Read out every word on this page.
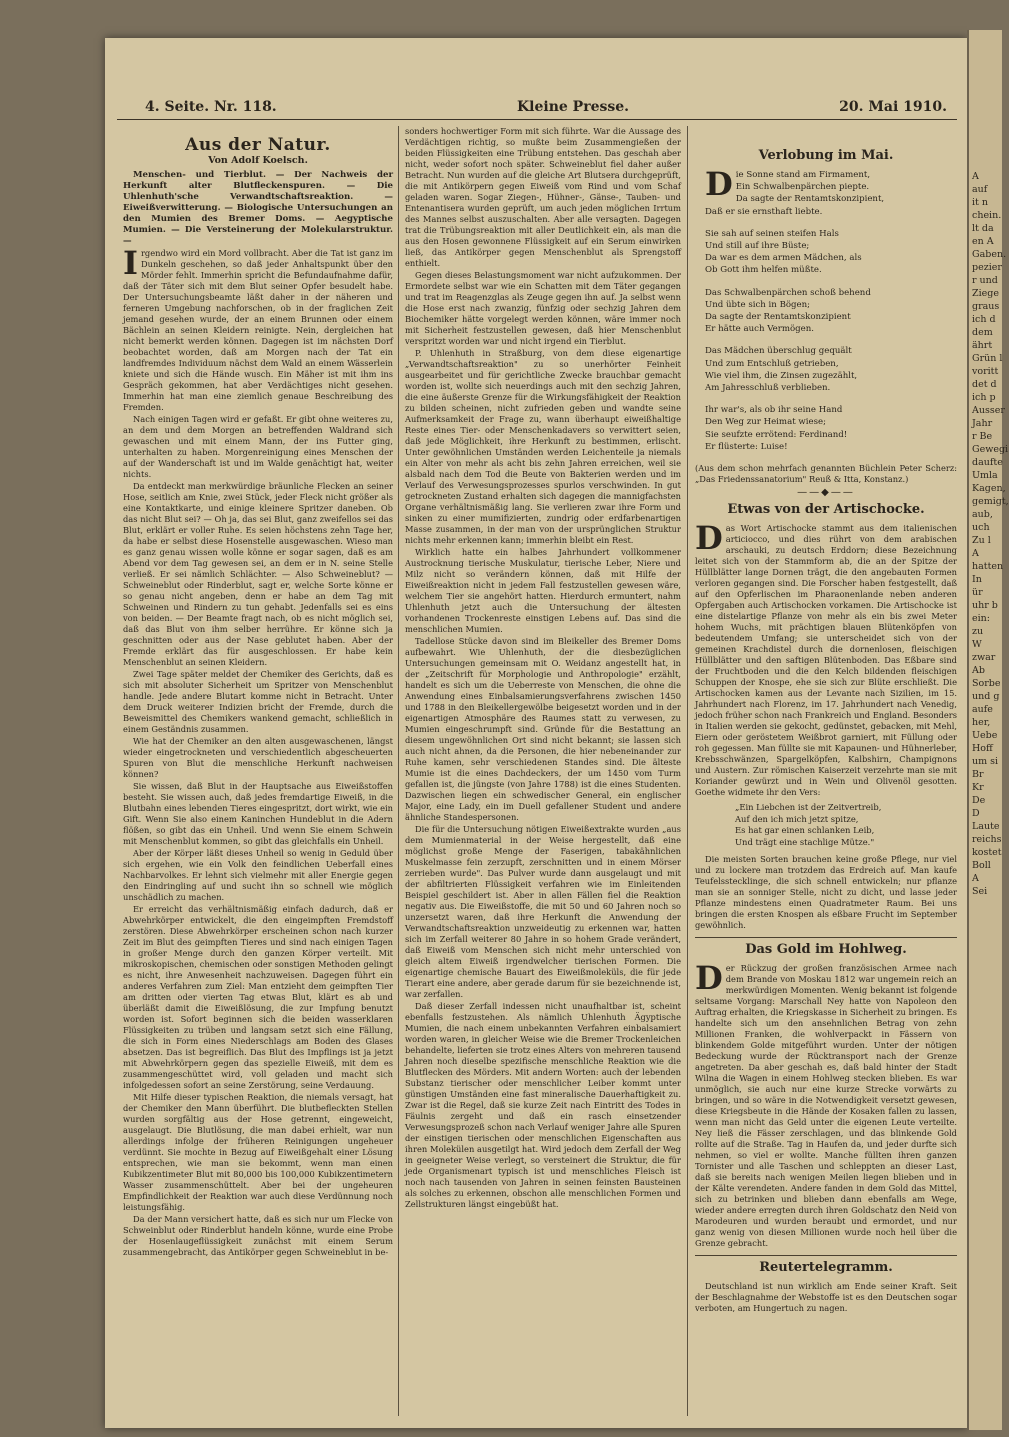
4. Seite. Nr. 118.	Kleine Presse.	20. Mai 1910.
Aus der Natur.
Von Adolf Koelsch.

Menschen- und Tierblut. — Der Nachweis der Herkunft alter Blutfleckenspuren. — Die Uhlenhuth'sche Verwandtschaftsreaktion. — Eiweißverwitterung. — Biologische Untersuchungen an den Mumien des Bremer Doms. — Aegyptische Mumien. — Die Versteinerung der Molekularstruktur. —

Irgendwo wird ein Mord vollbracht. Aber die Tat ist ganz im Dunkeln geschehen, so daß jeder Anhaltspunkt über den Mörder fehlt. Immerhin spricht die Befundaufnahme dafür, daß der Täter sich mit dem Blut seiner Opfer besudelt habe. Der Untersuchungsbeamte läßt daher in der näheren und ferneren Umgebung nachforschen, ob in der fraglichen Zeit jemand gesehen wurde, der an einem Brunnen oder einem Bächlein an seinen Kleidern reinigte. Nein, dergleichen hat nicht bemerkt werden können. Dagegen ist im nächsten Dorf beobachtet worden, daß am Morgen nach der Tat ein landfremdes Individuum nächst dem Wald an einem Wässerlein kniete und sich die Hände wusch. Ein Mäher ist mit ihm ins Gespräch gekommen, hat aber Verdächtiges nicht gesehen. Immerhin hat man eine ziemlich genaue Beschreibung des Fremden.

Nach einigen Tagen wird er gefaßt. Er gibt ohne weiteres zu, an dem und dem Morgen an betreffenden Waldrand sich gewaschen und mit einem Mann, der ins Futter ging, unterhalten zu haben. Morgenreinigung eines Menschen der auf der Wanderschaft ist und im Walde genächtigt hat, weiter nichts.

Da entdeckt man merkwürdige bräunliche Flecken an seiner Hose, seitlich am Knie, zwei Stück, jeder Fleck nicht größer als eine Kontaktkarte, und einige kleinere Spritzer daneben. Ob das nicht Blut sei? — Oh ja, das sei Blut, ganz zweifellos sei das Blut, erklärt er voller Ruhe. Es seien höchstens zehn Tage her, da habe er selbst diese Hosenstelle ausgewaschen. Wieso man es ganz genau wissen wolle könne er sogar sagen, daß es am Abend vor dem Tag gewesen sei, an dem er in N. seine Stelle verließ. Er sei nämlich Schlächter. — Also Schweineblut? — Schweineblut oder Rinderblut, sagt er, welche Sorte könne er so genau nicht angeben, denn er habe an dem Tag mit Schweinen und Rindern zu tun gehabt. Jedenfalls sei es eins von beiden. — Der Beamte fragt nach, ob es nicht möglich sei, daß das Blut von ihm selber herrühre. Er könne sich ja geschnitten oder aus der Nase geblutet haben. Aber der Fremde erklärt das für ausgeschlossen. Er habe kein Menschenblut an seinen Kleidern.

Zwei Tage später meldet der Chemiker des Gerichts, daß es sich mit absoluter Sicherheit um Spritzer von Menschenblut handle. Jede andere Blutart komme nicht in Betracht. Unter dem Druck weiterer Indizien bricht der Fremde, durch die Beweismittel des Chemikers wankend gemacht, schließlich in einem Geständnis zusammen.

Wie hat der Chemiker an den alten ausgewaschenen, längst wieder eingetrockneten und verschiedentlich abgescheuerten Spuren von Blut die menschliche Herkunft nachweisen können?

Sie wissen, daß Blut in der Hauptsache aus Eiweißstoffen besteht. Sie wissen auch, daß jedes fremdartige Eiweiß, in die Blutbahn eines lebenden Tieres eingespritzt, dort wirkt, wie ein Gift. Wenn Sie also einem Kaninchen Hundeblut in die Adern flößen, so gibt das ein Unheil. Und wenn Sie einem Schwein mit Menschenblut kommen, so gibt das gleichfalls ein Unheil.

Aber der Körper läßt dieses Unheil so wenig in Geduld über sich ergehen, wie ein Volk den feindlichen Ueberfall eines Nachbarvolkes. Er lehnt sich vielmehr mit aller Energie gegen den Eindringling auf und sucht ihn so schnell wie möglich unschädlich zu machen.

Er erreicht das verhältnismäßig einfach dadurch, daß er Abwehrkörper entwickelt, die den eingeimpften Fremdstoff zerstören. Diese Abwehrkörper erscheinen schon nach kurzer Zeit im Blut des geimpften Tieres und sind nach einigen Tagen in großer Menge durch den ganzen Körper verteilt. Mit mikroskopischen, chemischen oder sonstigen Methoden gelingt es nicht, ihre Anwesenheit nachzuweisen. Dagegen führt ein anderes Verfahren zum Ziel: Man entzieht dem geimpften Tier am dritten oder vierten Tag etwas Blut, klärt es ab und überläßt damit die Eiweißlösung, die zur Impfung benutzt worden ist. Sofort beginnen sich die beiden wasserklaren Flüssigkeiten zu trüben und langsam setzt sich eine Fällung, die sich in Form eines Niederschlags am Boden des Glases absetzen. Das ist begreiflich. Das Blut des Impflings ist ja jetzt mit Abwehrkörpern gegen das spezielle Eiweiß, mit dem es zusammengeschüttet wird, voll geladen und macht sich infolgedessen sofort an seine Zerstörung, seine Verdauung.

Mit Hilfe dieser typischen Reaktion, die niemals versagt, hat der Chemiker den Mann überführt. Die blutbefleckten Stellen wurden sorgfältig aus der Hose getrennt, eingeweicht, ausgelaugt. Die Blutlösung, die man dabei erhielt, war nun allerdings infolge der früheren Reinigungen ungeheuer verdünnt. Sie mochte in Bezug auf Eiweißgehalt einer Lösung entsprechen, wie man sie bekommt, wenn man einen Kubikzentimeter Blut mit 80,000 bis 100,000 Kubikzentimetern Wasser zusammenschüttelt. Aber bei der ungeheuren Empfindlichkeit der Reaktion war auch diese Verdünnung noch leistungsfähig.

Da der Mann versichert hatte, daß es sich nur um Flecke von Schweinblut oder Rinderblut handeln könne, wurde eine Probe der Hosenlaugeflüssigkeit zunächst mit einem Serum zusammengebracht, das Antikörper gegen Schweineblut in be-

sonders hochwertiger Form mit sich führte. War die Aussage des Verdächtigen richtig, so mußte beim Zusammengießen der beiden Flüssigkeiten eine Trübung entstehen. Das geschah aber nicht, weder sofort noch später. Schweineblut fiel daher außer Betracht. Nun wurden auf die gleiche Art Blutsera durchgeprüft, die mit Antikörpern gegen Eiweiß vom Rind und vom Schaf geladen waren. Sogar Ziegen-, Hühner-, Gänse-, Tauben- und Entenantisera wurden geprüft, um auch jeden möglichen Irrtum des Mannes selbst auszuschalten. Aber alle versagten. Dagegen trat die Trübungsreaktion mit aller Deutlichkeit ein, als man die aus den Hosen gewonnene Flüssigkeit auf ein Serum einwirken ließ, das Antikörper gegen Menschenblut als Sprengstoff enthielt.

Gegen dieses Belastungsmoment war nicht aufzukommen. Der Ermordete selbst war wie ein Schatten mit dem Täter gegangen und trat im Reagenzglas als Zeuge gegen ihn auf. Ja selbst wenn die Hose erst nach zwanzig, fünfzig oder sechzig Jahren dem Biochemiker hätte vorgelegt werden können, wäre immer noch mit Sicherheit festzustellen gewesen, daß hier Menschenblut verspritzt worden war und nicht irgend ein Tierblut.

P. Uhlenhuth in Straßburg, von dem diese eigenartige „Verwandtschaftsreaktion" zu so unerhörter Feinheit ausgearbeitet und für gerichtliche Zwecke brauchbar gemacht worden ist, wollte sich neuerdings auch mit den sechzig Jahren, die eine äußerste Grenze für die Wirkungsfähigkeit der Reaktion zu bilden scheinen, nicht zufrieden geben und wandte seine Aufmerksamkeit der Frage zu, wann überhaupt eiweißhaltige Reste eines Tier- oder Menschenkadavers so verwittert seien, daß jede Möglichkeit, ihre Herkunft zu bestimmen, erlischt. Unter gewöhnlichen Umständen werden Leichenteile ja niemals ein Alter von mehr als acht bis zehn Jahren erreichen, weil sie alsbald nach dem Tod die Beute von Bakterien werden und im Verlauf des Verwesungsprozesses spurlos verschwinden. In gut getrockneten Zustand erhalten sich dagegen die mannigfachsten Organe verhältnismäßig lang. Sie verlieren zwar ihre Form und sinken zu einer mumifizierten, zundrig oder erdfarbenartigen Masse zusammen, in der man von der ursprünglichen Struktur nichts mehr erkennen kann; immerhin bleibt ein Rest.

Wirklich hatte ein halbes Jahrhundert vollkommener Austrocknung tierische Muskulatur, tierische Leber, Niere und Milz nicht so verändern können, daß mit Hilfe der Eiweißreaktion nicht in jedem Fall festzustellen gewesen wäre, welchem Tier sie angehört hatten. Hierdurch ermuntert, nahm Uhlenhuth jetzt auch die Untersuchung der ältesten vorhandenen Trockenreste einstigen Lebens auf. Das sind die menschlichen Mumien.

Tadellose Stücke davon sind im Bleikeller des Bremer Doms aufbewahrt. Wie Uhlenhuth, der die diesbezüglichen Untersuchungen gemeinsam mit O. Weidanz angestellt hat, in der „Zeitschrift für Morphologie und Anthropologie" erzählt, handelt es sich um die Ueberreste von Menschen, die ohne die Anwendung eines Einbalsamierungsverfahrens zwischen 1450 und 1788 in den Bleikellergewölbe beigesetzt worden und in der eigenartigen Atmosphäre des Raumes statt zu verwesen, zu Mumien eingeschrumpft sind. Gründe für die Bestattung an diesem ungewöhnlichen Ort sind nicht bekannt; sie lassen sich auch nicht ahnen, da die Personen, die hier nebeneinander zur Ruhe kamen, sehr verschiedenen Standes sind. Die älteste Mumie ist die eines Dachdeckers, der um 1450 vom Turm gefallen ist, die jüngste (von Jahre 1788) ist die eines Studenten. Dazwischen liegen ein schwedischer General, ein englischer Major, eine Lady, ein im Duell gefallener Student und andere ähnliche Standespersonen.

Die für die Untersuchung nötigen Eiweißextrakte wurden „aus dem Mumienmaterial in der Weise hergestellt, daß eine möglichst große Menge der Faserigen, tabakähnlichen Muskelmasse fein zerzupft, zerschnitten und in einem Mörser zerrieben wurde". Das Pulver wurde dann ausgelaugt und mit der abfiltrierten Flüssigkeit verfahren wie im Einleitenden Beispiel geschildert ist. Aber in allen Fällen fiel die Reaktion negativ aus. Die Eiweißstoffe, die mit 50 und 60 Jahren noch so unzersetzt waren, daß ihre Herkunft die Anwendung der Verwandtschaftsreaktion unzweideutig zu erkennen war, hatten sich im Zerfall weiterer 80 Jahre in so hohem Grade verändert, daß Eiweiß vom Menschen sich nicht mehr unterschied von gleich altem Eiweiß irgendwelcher tierischen Formen. Die eigenartige chemische Bauart des Eiweißmoleküls, die für jede Tierart eine andere, aber gerade darum für sie bezeichnende ist, war zerfallen.

Daß dieser Zerfall indessen nicht unaufhaltbar ist, scheint ebenfalls festzustehen. Als nämlich Uhlenhuth Ägyptische Mumien, die nach einem unbekannten Verfahren einbalsamiert worden waren, in gleicher Weise wie die Bremer Trockenleichen behandelte, lieferten sie trotz eines Alters von mehreren tausend Jahren noch dieselbe spezifische menschliche Reaktion wie die Blutflecken des Mörders. Mit andern Worten: auch der lebenden Substanz tierischer oder menschlicher Leiber kommt unter günstigen Umständen eine fast mineralische Dauerhaftigkeit zu. Zwar ist die Regel, daß sie kurze Zeit nach Eintritt des Todes in Fäulnis zergeht und daß ein rasch einsetzender Verwesungsprozeß schon nach Verlauf weniger Jahre alle Spuren der einstigen tierischen oder menschlichen Eigenschaften aus ihren Molekülen ausgetilgt hat. Wird jedoch dem Zerfall der Weg in geeigneter Weise verlegt, so versteinert die Struktur, die für jede Organismenart typisch ist und menschliches Fleisch ist noch nach tausenden von Jahren in seinen feinsten Bausteinen als solches zu erkennen, obschon alle menschlichen Formen und Zellstrukturen längst eingebüßt hat.

Verlobung im Mai.
D ie Sonne stand am Firmament,
Ein Schwalbenpärchen piepte.
Da sagte der Rentamtskonzipient,
Daß er sie ernsthaft liebte.
Sie sah auf seinen steifen Hals
Und still auf ihre Büste;
Da war es dem armen Mädchen, als
Ob Gott ihm helfen müßte.
Das Schwalbenpärchen schoß behend
Und übte sich in Bögen;
Da sagte der Rentamtskonzipient
Er hätte auch Vermögen.
Das Mädchen überschlug gequält
Und zum Entschluß getrieben,
Wie viel ihm, die Zinsen zugezählt,
Am Jahresschluß verblieben.
Ihr war's, als ob ihr seine Hand
Den Weg zur Heimat wiese;
Sie seufzte errötend: Ferdinand!
Er flüsterte: Luise!

(Aus dem schon mehrfach genannten Büchlein Peter Scherz: „Das Friedenssanatorium" Reuß & Itta, Konstanz.)

——◆——
Etwas von der Artischocke.

Das Wort Artischocke stammt aus dem italienischen articiocco, und dies rührt von dem arabischen arschauki, zu deutsch Erddorn; diese Bezeichnung leitet sich von der Stammform ab, die an der Spitze der Hüllblätter lange Dornen trägt, die den angebauten Formen verloren gegangen sind. Die Forscher haben festgestellt, daß auf den Opferlischen im Pharaonenlande neben anderen Opfergaben auch Artischocken vorkamen. Die Artischocke ist eine distelartige Pflanze von mehr als ein bis zwei Meter hohem Wuchs, mit prächtigen blauen Blütenköpfen von bedeutendem Umfang; sie unterscheidet sich von der gemeinen Krachdistel durch die dornenlosen, fleischigen Hüllblätter und den saftigen Blütenboden. Das Eßbare sind der Fruchtboden und die den Kelch bildenden fleischigen Schuppen der Knospe, ehe sie sich zur Blüte erschließt. Die Artischocken kamen aus der Levante nach Sizilien, im 15. Jahrhundert nach Florenz, im 17. Jahrhundert nach Venedig, jedoch früher schon nach Frankreich und England. Besonders in Italien werden sie gekocht, gedünstet, gebacken, mit Mehl, Eiern oder geröstetem Weißbrot garniert, mit Füllung oder roh gegessen. Man füllte sie mit Kapaunen- und Hühnerleber, Krebsschwänzen, Spargelköpfen, Kalbshirn, Champignons und Austern. Zur römischen Kaiserzeit verzehrte man sie mit Koriander gewürzt und in Wein und Olivenöl gesotten. Goethe widmete ihr den Vers:

„Ein Liebchen ist der Zeitvertreib,
Auf den ich mich jetzt spitze,
Es hat gar einen schlanken Leib,
Und trägt eine stachlige Mütze."

Die meisten Sorten brauchen keine große Pflege, nur viel und zu lockere man trotzdem das Erdreich auf. Man kaufe Teufelsstecklinge, die sich schnell entwickeln; nur pflanze man sie an sonniger Stelle, nicht zu dicht, und lasse jeder Pflanze mindestens einen Quadratmeter Raum. Bei uns bringen die ersten Knospen als eßbare Frucht im September gewöhnlich.

Das Gold im Hohlweg.

Der Rückzug der großen französischen Armee nach dem Brande von Moskau 1812 war ungemein reich an merkwürdigen Momenten. Wenig bekannt ist folgende seltsame Vorgang: Marschall Ney hatte von Napoleon den Auftrag erhalten, die Kriegskasse in Sicherheit zu bringen. Es handelte sich um den ansehnlichen Betrag von zehn Millionen Franken, die wohlverpackt in Fässern von blinkendem Golde mitgeführt wurden. Unter der nötigen Bedeckung wurde der Rücktransport nach der Grenze angetreten. Da aber geschah es, daß bald hinter der Stadt Wilna die Wagen in einem Hohlweg stecken blieben. Es war unmöglich, sie auch nur eine kurze Strecke vorwärts zu bringen, und so wäre in die Notwendigkeit versetzt gewesen, diese Kriegsbeute in die Hände der Kosaken fallen zu lassen, wenn man nicht das Geld unter die eigenen Leute verteilte. Ney ließ die Fässer zerschlagen, und das blinkende Gold rollte auf die Straße. Tag in Haufen da, und jeder durfte sich nehmen, so viel er wollte. Manche füllten ihren ganzen Tornister und alle Taschen und schleppten an dieser Last, daß sie bereits nach wenigen Meilen liegen blieben und in der Kälte verendeten. Andere fanden in dem Gold das Mittel, sich zu betrinken und blieben dann ebenfalls am Wege, wieder andere erregten durch ihren Goldschatz den Neid von Marodeuren und wurden beraubt und ermordet, und nur ganz wenig von diesen Millionen wurde noch heil über die Grenze gebracht.

Reutertelegramm.

Deutschland ist nun wirklich am Ende seiner Kraft. Seit der Beschlagnahme der Webstoffe ist es den Deutschen sogar verboten, am Hungertuch zu nagen.

A
auf
it n
chein.
lt da
en A
Gaben.
pezier
r und
Ziege
graus
ich d
dem
ährt
Grün l
voritt
det d
ich p
Ausser
Jahr
r Be
Gewegi
daufte
Umla
Kagen,
gemigt,
aub,
uch
Zu l
A
hatten
In
ür
uhr b
ein:
zu
W
zwar
Ab
Sorbe
und g
aufe
her,
Uebe
Hoff
um si
Br
Kr
De
D
Laute
reichs
kostet
Boll
A
Sei
